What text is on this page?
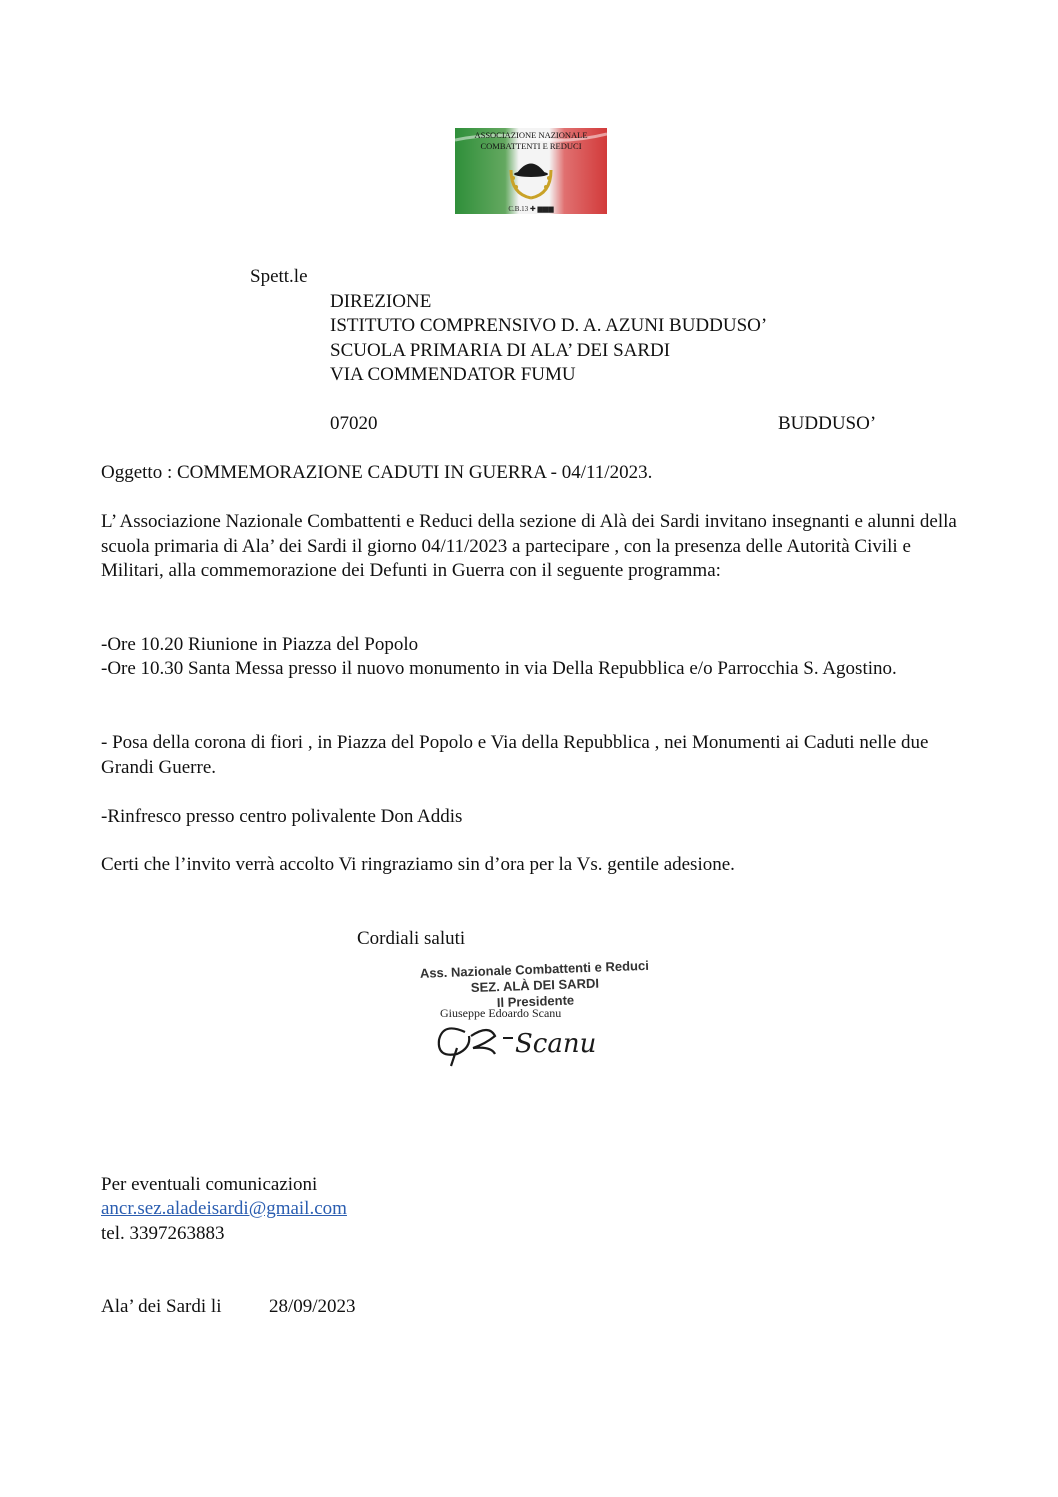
ASSOCIAZIONE NAZIONALE
COMBATTENTI E REDUCI
C.B.13 ✚ ▆▆▆

Spett.le

DIREZIONE

ISTITUTO COMPRENSIVO D. A. AZUNI BUDDUSO’

SCUOLA PRIMARIA DI ALA’ DEI SARDI

VIA COMMENDATOR FUMU

07020	BUDDUSO’

Oggetto : COMMEMORAZIONE CADUTI IN GUERRA - 04/11/2023.

L’ Associazione Nazionale Combattenti e Reduci della sezione di Alà dei Sardi invitano insegnanti e alunni della scuola primaria di Ala’ dei Sardi il giorno 04/11/2023 a partecipare , con la presenza delle Autorità Civili e Militari, alla commemorazione dei Defunti in Guerra con il seguente programma:

-Ore 10.20 Riunione in Piazza del Popolo

-Ore 10.30 Santa Messa presso il nuovo monumento in via Della Repubblica e/o Parrocchia S. Agostino.

- Posa della corona di fiori , in Piazza del Popolo e Via della Repubblica , nei Monumenti ai Caduti nelle due Grandi Guerre.

-Rinfresco presso centro polivalente Don Addis

Certi che l’invito verrà accolto Vi ringraziamo sin d’ora per la Vs. gentile adesione.

Cordiali saluti

Ass. Nazionale Combattenti e Reduci
SEZ. ALÀ DEI SARDI
Il Presidente
Giuseppe Edoardo Scanu
Scanu

Per eventuali comunicazioni

ancr.sez.aladeisardi@gmail.com

tel. 3397263883

Ala’ dei Sardi li	28/09/2023
